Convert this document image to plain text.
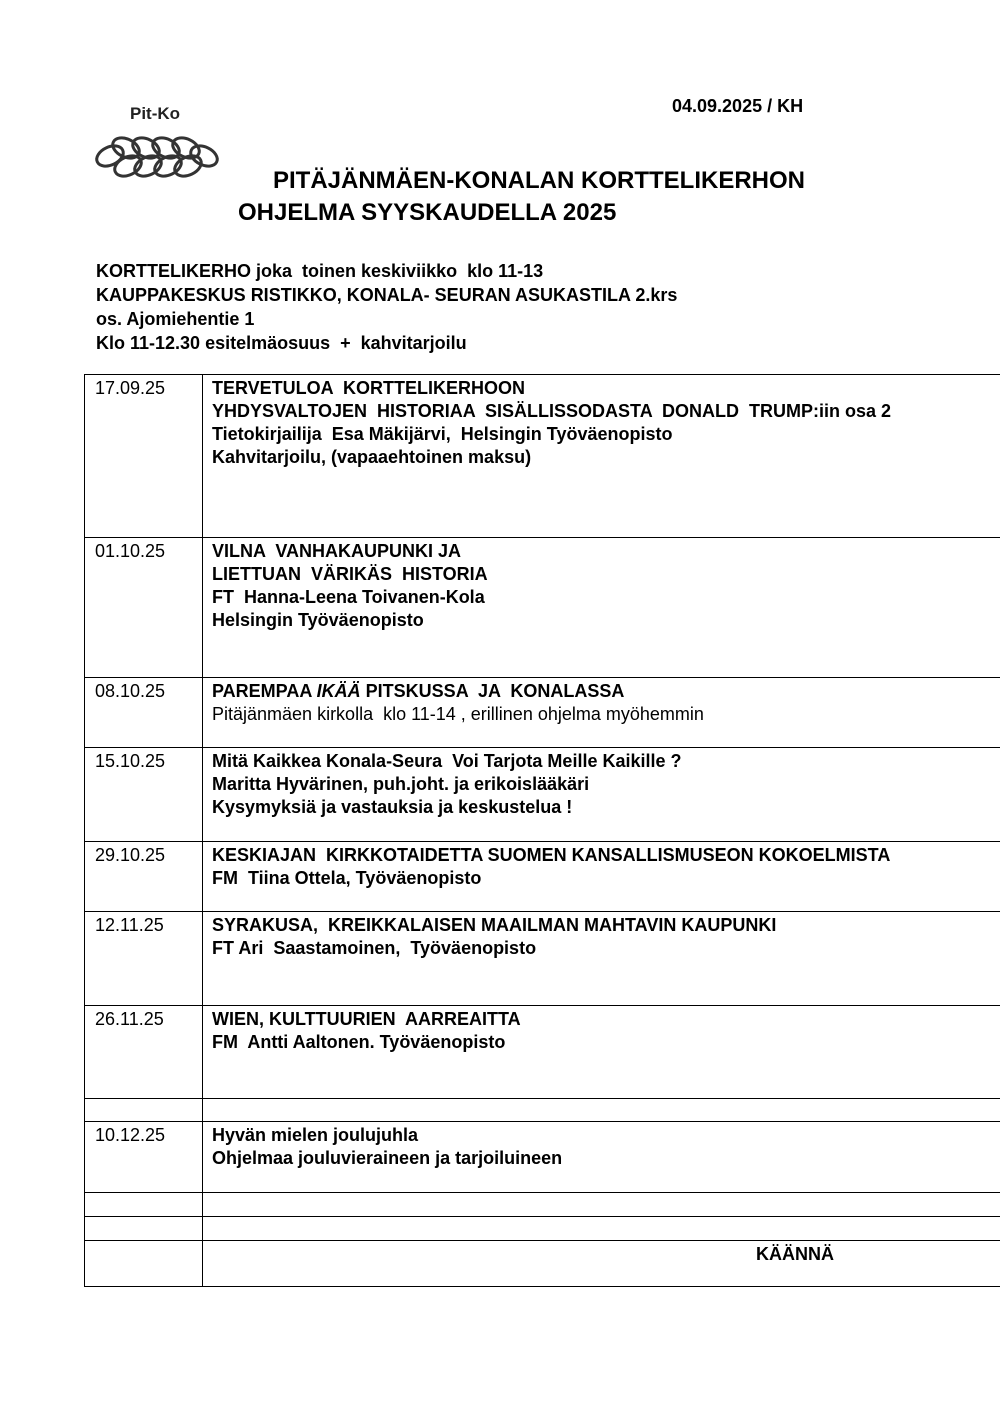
04.09.2025 / KH
Pit-Ko
PITÄJÄNMÄEN-KONALAN KORTTELIKERHON
OHJELMA SYYSKAUDELLA 2025
KORTTELIKERHO joka  toinen keskiviikko  klo 11-13
KAUPPAKESKUS RISTIKKO, KONALA- SEURAN ASUKASTILA 2.krs
os. Ajomiehentie 1
Klo 11-12.30 esitelmäosuus  +  kahvitarjoilu
17.09.25	TERVETULOA  KORTTELIKERHOON
YHDYSVALTOJEN  HISTORIAA  SISÄLLISSODASTA  DONALD  TRUMP:iin osa 2
Tietokirjailija  Esa Mäkijärvi,  Helsingin Työväenopisto
Kahvitarjoilu, (vapaaehtoinen maksu)

01.10.25	VILNA  VANHAKAUPUNKI JA
LIETTUAN  VÄRIKÄS  HISTORIA
FT  Hanna-Leena Toivanen-Kola
Helsingin Työväenopisto

08.10.25	PAREMPAA IKÄÄ PITSKUSSA  JA  KONALASSA
Pitäjänmäen kirkolla  klo 11-14 , erillinen ohjelma myöhemmin

15.10.25	Mitä Kaikkea Konala-Seura  Voi Tarjota Meille Kaikille ?
Maritta Hyvärinen, puh.joht. ja erikoislääkäri
Kysymyksiä ja vastauksia ja keskustelua !

29.10.25	KESKIAJAN  KIRKKOTAIDETTA SUOMEN KANSALLISMUSEON KOKOELMISTA
FM  Tiina Ottela, Työväenopisto

12.11.25	SYRAKUSA,  KREIKKALAISEN MAAILMAN MAHTAVIN KAUPUNKI
FT Ari  Saastamoinen,  Työväenopisto

26.11.25	WIEN, KULTTUURIEN  AARREAITTA
FM  Antti Aaltonen. Työväenopisto

10.12.25	Hyvän mielen joulujuhla
Ohjelmaa jouluvieraineen ja tarjoiluineen

	KÄÄNNÄ
